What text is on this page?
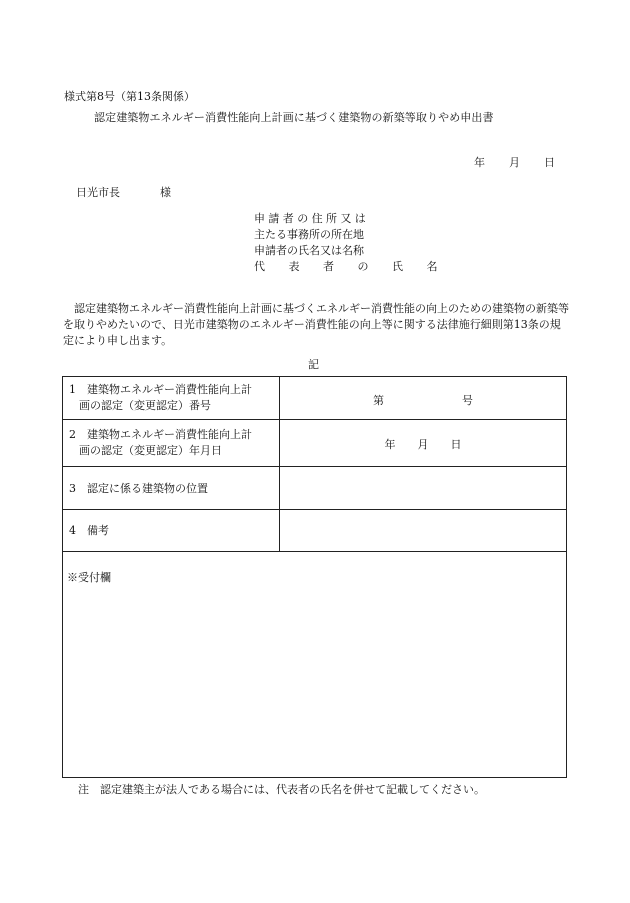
様式第8号（第13条関係）
認定建築物エネルギー消費性能向上計画に基づく建築物の新築等取りやめ申出書
年 月 日
日光市長	様
申請者の住所又は
主たる事務所の所在地
申請者の氏名又は名称
代 表 者 の 氏 名
　認定建築物エネルギー消費性能向上計画に基づくエネルギー消費性能の向上のための建築物の新築等を取りやめたいので、日光市建築物のエネルギー消費性能の向上等に関する法律施行細則第13条の規定により申し出ます。
記
1　建築物エネルギー消費性能向上計
画の認定（変更認定）番号	第	号
2　建築物エネルギー消費性能向上計
画の認定（変更認定）年月日	年 月 日
3　認定に係る建築物の位置
4　備考
※受付欄
注　認定建築主が法人である場合には、代表者の氏名を併せて記載してください。
